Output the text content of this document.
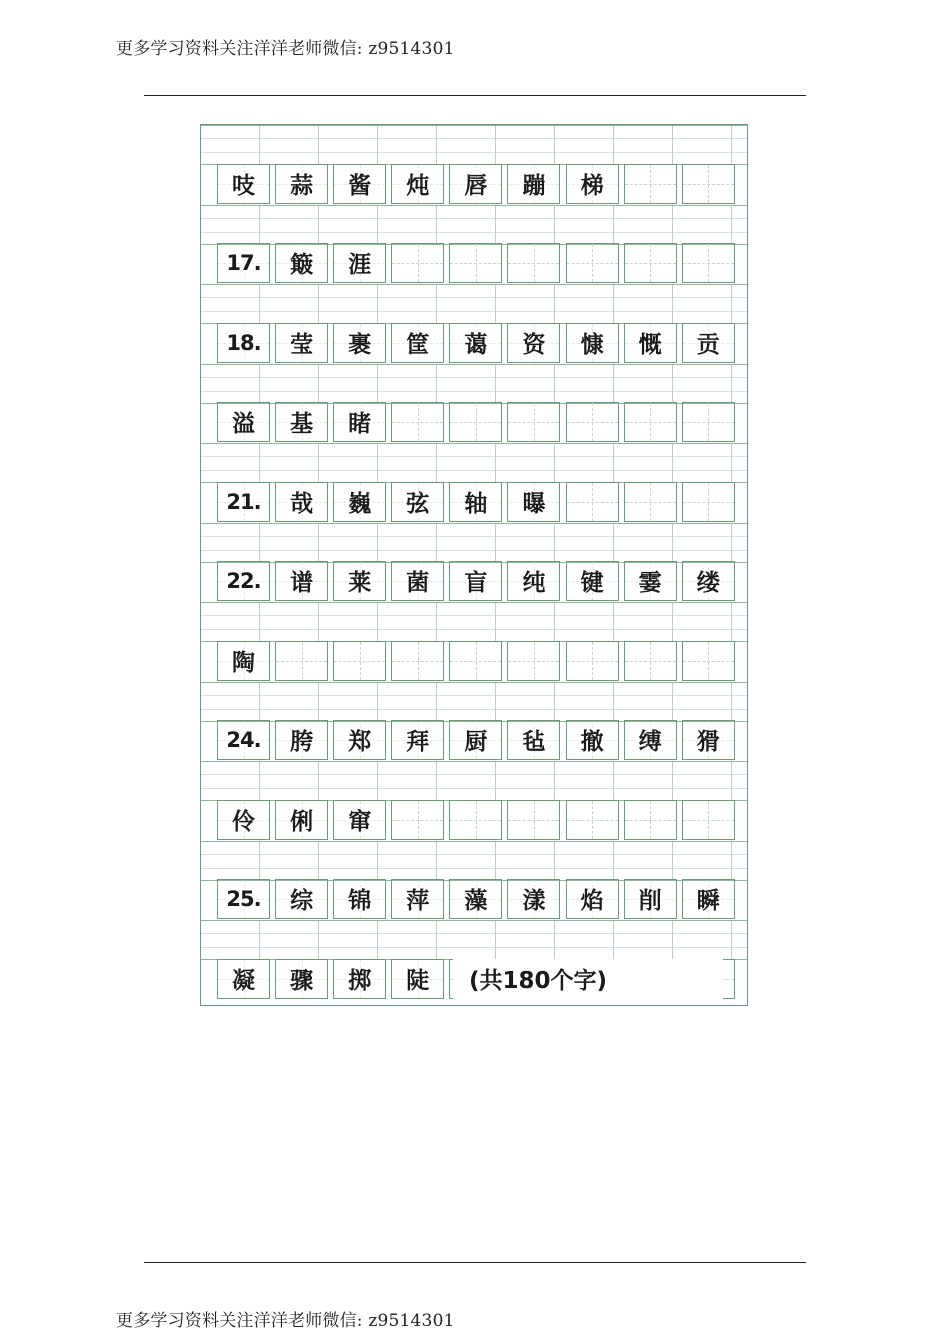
更多学习资料关注洋洋老师微信: z9514301
吱 蒜 酱 炖 唇 蹦 梯
17. 簸 涯
18. 莹 裹 筐 蔼 资 慷 慨 贡
溢 基 睹
21. 哉 巍 弦 轴 曝
22. 谱 莱 菌 盲 纯 键 霎 缕
陶
24. 胯 郑 拜 厨 毡 撤 缚 猾
伶 俐 窜
25. 综 锦 萍 藻 漾 焰 削 瞬
凝 骤 掷 陡 (共180个字)
更多学习资料关注洋洋老师微信: z9514301
